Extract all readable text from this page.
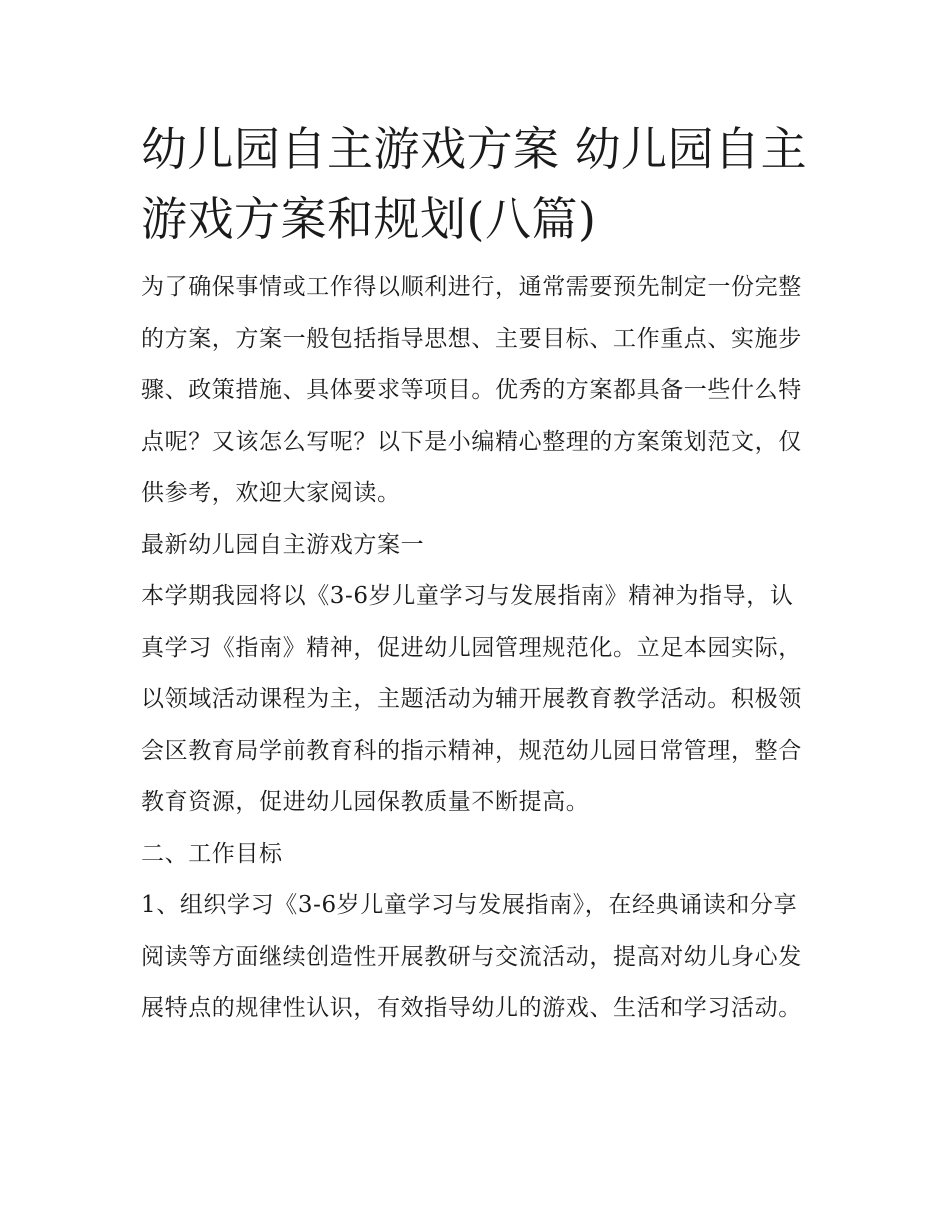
幼儿园自主游戏方案 幼儿园自主游戏方案和规划(八篇)

为了确保事情或工作得以顺利进行，通常需要预先制定一份完整的方案，方案一般包括指导思想、主要目标、工作重点、实施步骤、政策措施、具体要求等项目。优秀的方案都具备一些什么特点呢？又该怎么写呢？以下是小编精心整理的方案策划范文，仅供参考，欢迎大家阅读。

最新幼儿园自主游戏方案一

本学期我园将以《3-6岁儿童学习与发展指南》精神为指导，认真学习《指南》精神，促进幼儿园管理规范化。立足本园实际，以领域活动课程为主，主题活动为辅开展教育教学活动。积极领会区教育局学前教育科的指示精神，规范幼儿园日常管理，整合教育资源，促进幼儿园保教质量不断提高。

二、工作目标

1、组织学习《3-6岁儿童学习与发展指南》，在经典诵读和分享阅读等方面继续创造性开展教研与交流活动，提高对幼儿身心发展特点的规律性认识，有效指导幼儿的游戏、生活和学习活动。
